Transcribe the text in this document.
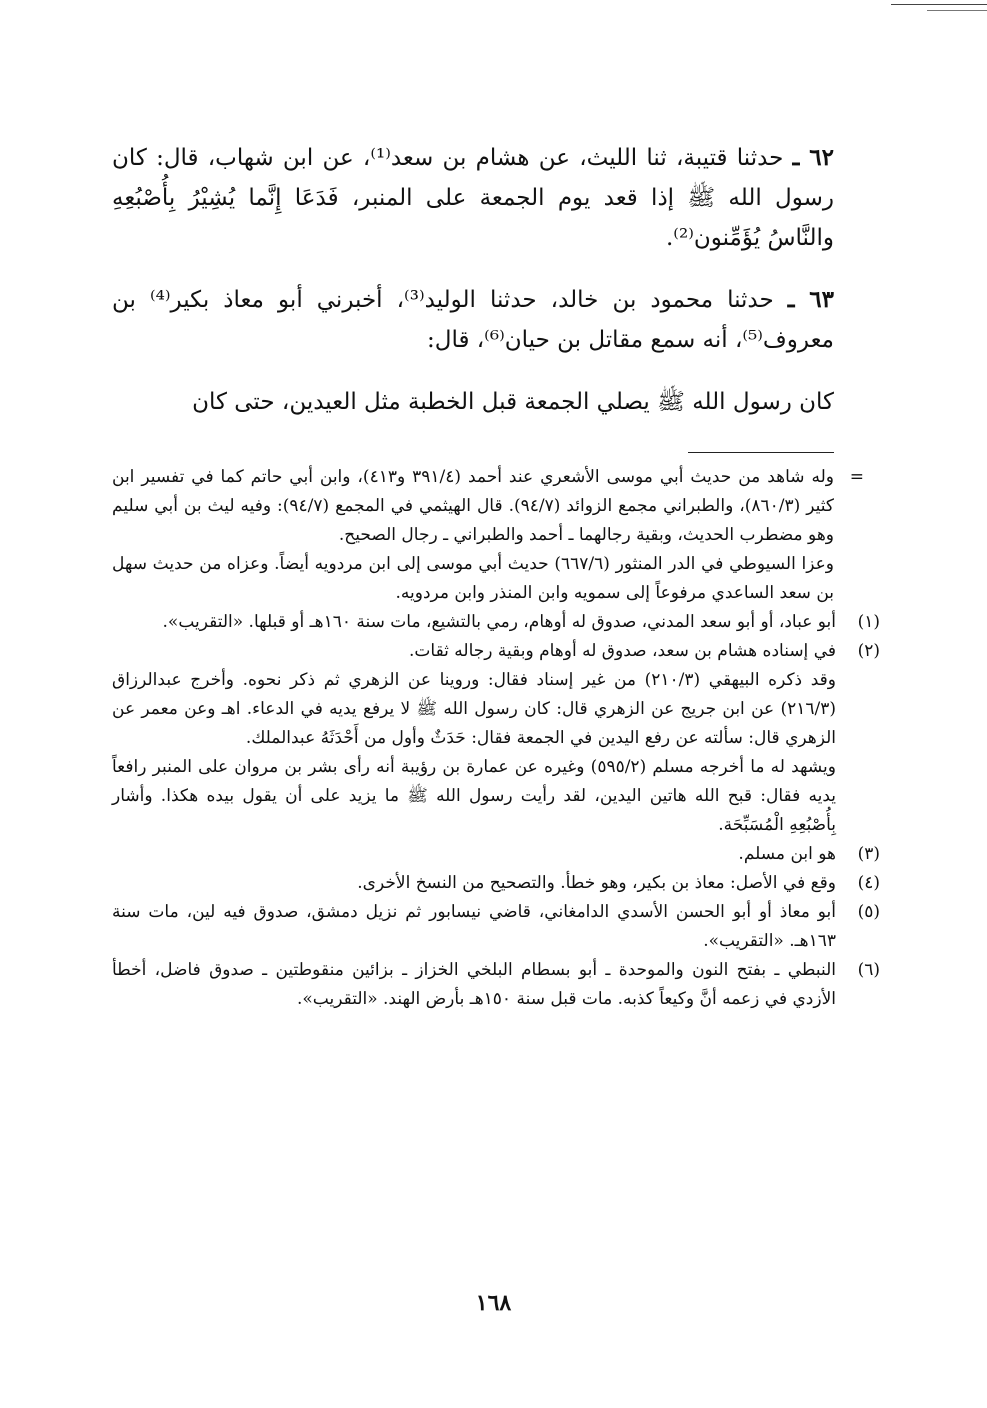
٦٢ ـ حدثنا قتيبة، ثنا الليث، عن هشام بن سعد⁽¹⁾، عن ابن شهاب، قال: كان رسول الله ﷺ إذا قعد يوم الجمعة على المنبر، فَدَعَا إِنَّما يُشِيْرُ بِأُصْبُعِهِ والنَّاسُ يُؤَمِّنون⁽²⁾.

٦٣ ـ حدثنا محمود بن خالد، حدثنا الوليد⁽³⁾، أخبرني أبو معاذ بكير⁽⁴⁾ بن معروف⁽⁵⁾، أنه سمع مقاتل بن حيان⁽⁶⁾، قال:

كان رسول الله ﷺ يصلي الجمعة قبل الخطبة مثل العيدين، حتى كان

=

وله شاهد من حديث أبي موسى الأشعري عند أحمد (٣٩١/٤ و٤١٣)، وابن أبي حاتم كما في تفسير ابن كثير (٨٦٠/٣)، والطبراني مجمع الزوائد (٩٤/٧). قال الهيثمي في المجمع (٩٤/٧): وفيه ليث بن أبي سليم وهو مضطرب الحديث، وبقية رجالهما ـ أحمد والطبراني ـ رجال الصحيح.

وعزا السيوطي في الدر المنثور (٦٦٧/٦) حديث أبي موسى إلى ابن مردويه أيضاً. وعزاه من حديث سهل بن سعد الساعدي مرفوعاً إلى سمويه وابن المنذر وابن مردويه.

(١)

أبو عباد، أو أبو سعد المدني، صدوق له أوهام، رمي بالتشيع، مات سنة ١٦٠هـ أو قبلها. «التقريب».

(٢)

في إسناده هشام بن سعد، صدوق له أوهام وبقية رجاله ثقات.

وقد ذكره البيهقي (٢١٠/٣) من غير إسناد فقال: وروينا عن الزهري ثم ذكر نحوه. وأخرج عبدالرزاق (٢١٦/٣) عن ابن جريج عن الزهري قال: كان رسول الله ﷺ لا يرفع يديه في الدعاء. اهـ وعن معمر عن الزهري قال: سألته عن رفع اليدين في الجمعة فقال: حَدَثٌ وأول من أَحْدَثَهُ عبدالملك.

ويشهد له ما أخرجه مسلم (٥٩٥/٢) وغيره عن عمارة بن رؤيبة أنه رأى بشر بن مروان على المنبر رافعاً يديه فقال: قبح الله هاتين اليدين، لقد رأيت رسول الله ﷺ ما يزيد على أن يقول بيده هكذا. وأشار بِأُصْبُعِهِ الْمُسَبِّحَة.

(٣)

هو ابن مسلم.

(٤)

وقع في الأصل: معاذ بن بكير، وهو خطأ. والتصحيح من النسخ الأخرى.

(٥)

أبو معاذ أو أبو الحسن الأسدي الدامغاني، قاضي نيسابور ثم نزيل دمشق، صدوق فيه لين، مات سنة ١٦٣هـ. «التقريب».

(٦)

النبطي ـ بفتح النون والموحدة ـ أبو بسطام البلخي الخزاز ـ بزائين منقوطتين ـ صدوق فاضل، أخطأ الأزدي في زعمه أنَّ وكيعاً كذبه. مات قبل سنة ١٥٠هـ بأرض الهند. «التقريب».

١٦٨
